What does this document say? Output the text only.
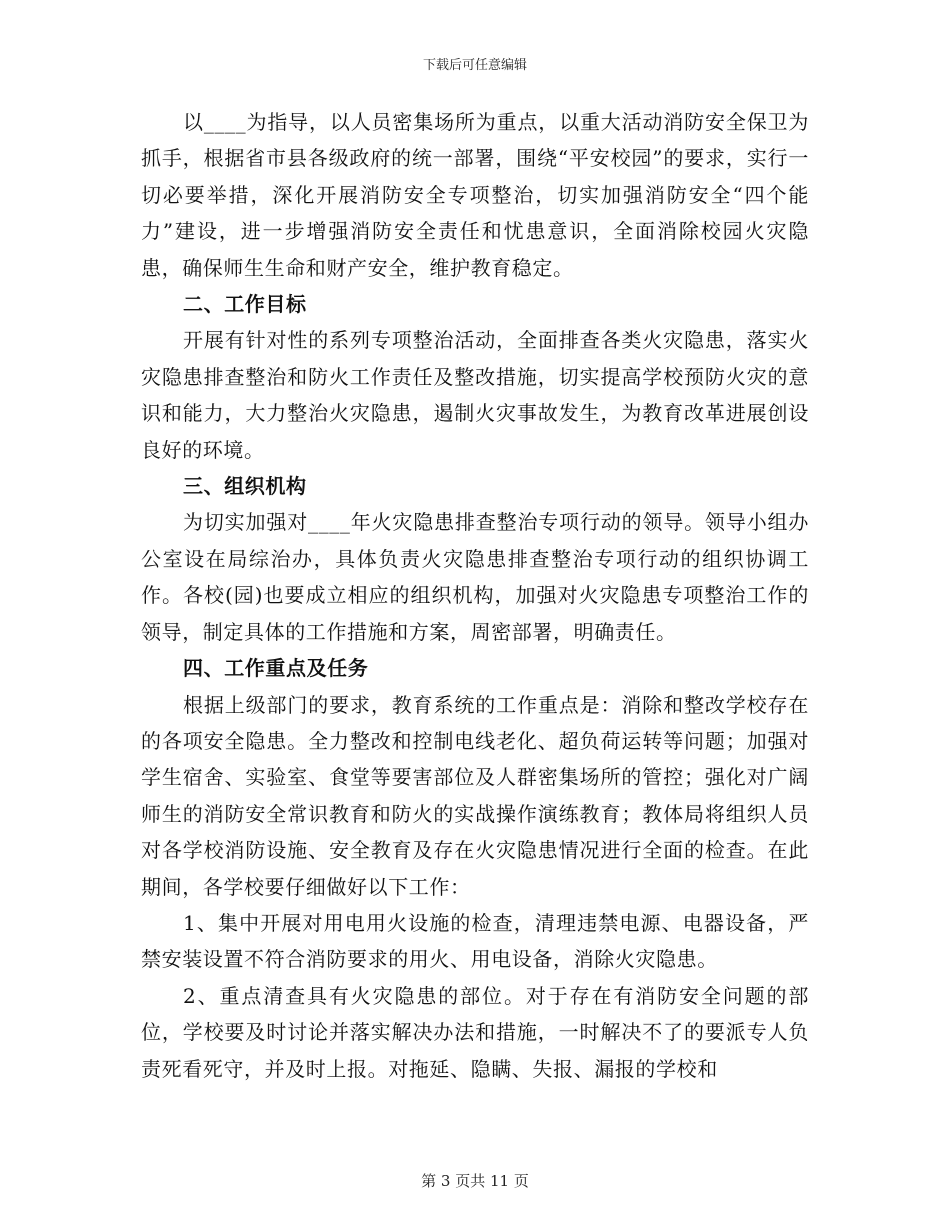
下载后可任意编辑

以____为指导，以人员密集场所为重点，以重大活动消防安全保卫为抓手，根据省市县各级政府的统一部署，围绕“平安校园”的要求，实行一切必要举措，深化开展消防安全专项整治，切实加强消防安全“四个能力”建设，进一步增强消防安全责任和忧患意识，全面消除校园火灾隐患，确保师生生命和财产安全，维护教育稳定。

二、工作目标

开展有针对性的系列专项整治活动，全面排查各类火灾隐患，落实火灾隐患排查整治和防火工作责任及整改措施，切实提高学校预防火灾的意识和能力，大力整治火灾隐患，遏制火灾事故发生，为教育改革进展创设良好的环境。

三、组织机构

为切实加强对____年火灾隐患排查整治专项行动的领导。领导小组办公室设在局综治办，具体负责火灾隐患排查整治专项行动的组织协调工作。各校(园)也要成立相应的组织机构，加强对火灾隐患专项整治工作的领导，制定具体的工作措施和方案，周密部署，明确责任。

四、工作重点及任务

根据上级部门的要求，教育系统的工作重点是：消除和整改学校存在的各项安全隐患。全力整改和控制电线老化、超负荷运转等问题；加强对学生宿舍、实验室、食堂等要害部位及人群密集场所的管控；强化对广阔师生的消防安全常识教育和防火的实战操作演练教育；教体局将组织人员对各学校消防设施、安全教育及存在火灾隐患情况进行全面的检查。在此期间，各学校要仔细做好以下工作：

1、集中开展对用电用火设施的检查，清理违禁电源、电器设备，严禁安装设置不符合消防要求的用火、用电设备，消除火灾隐患。

2、重点清查具有火灾隐患的部位。对于存在有消防安全问题的部位，学校要及时讨论并落实解决办法和措施，一时解决不了的要派专人负责死看死守，并及时上报。对拖延、隐瞒、失报、漏报的学校和

第 3 页共 11 页
